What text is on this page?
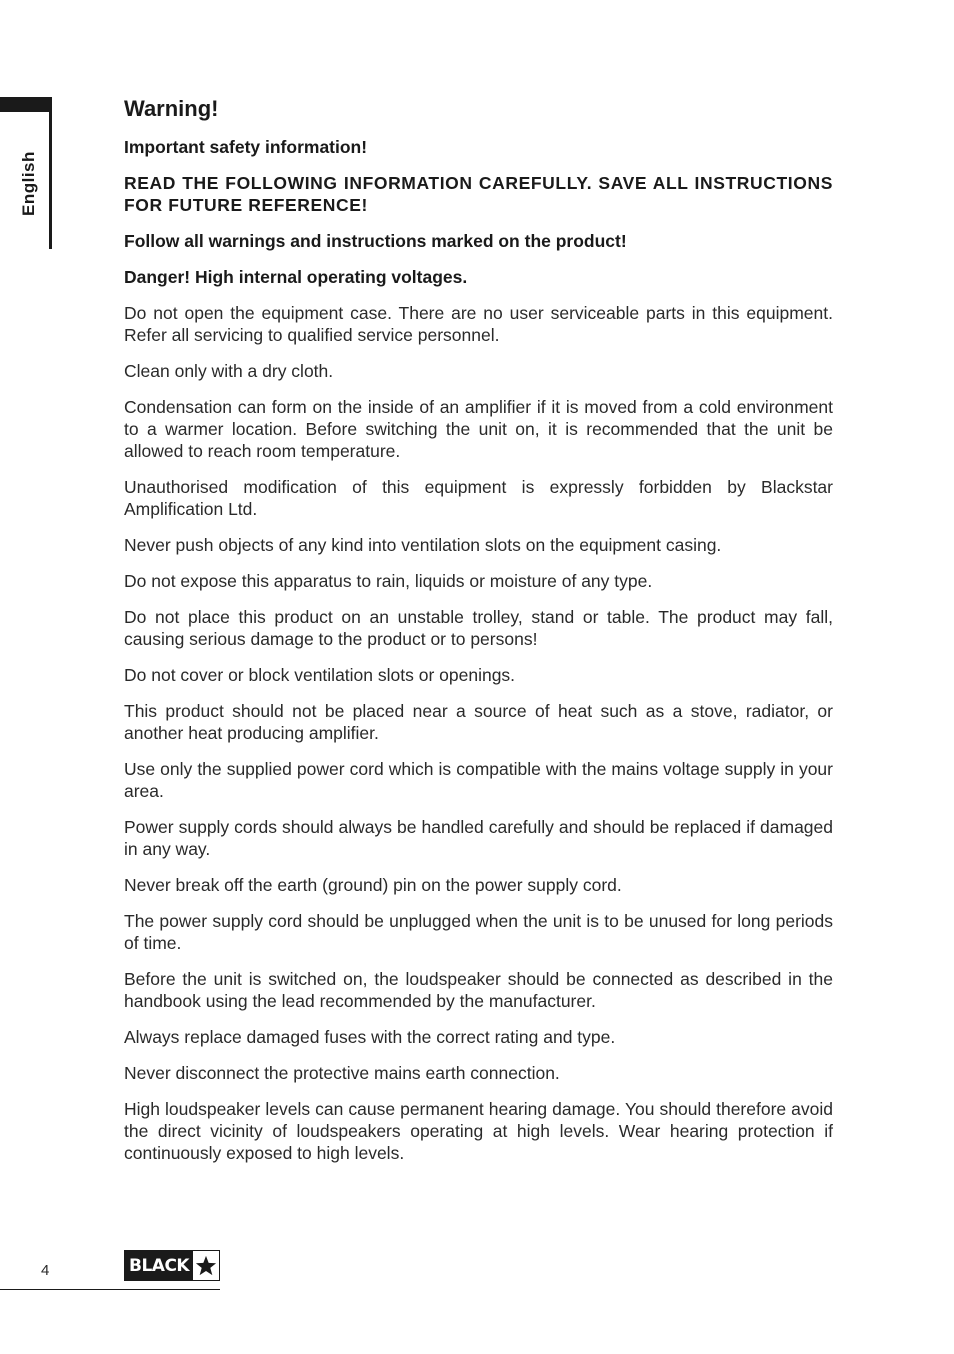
English
Warning!

Important safety information!

READ THE FOLLOWING INFORMATION CAREFULLY. SAVE ALL INSTRUCTIONS FOR FUTURE REFERENCE!

Follow all warnings and instructions marked on the product!

Danger! High internal operating voltages.

Do not open the equipment case. There are no user serviceable parts in this equipment. Refer all servicing to qualified service personnel.

Clean only with a dry cloth.

Condensation can form on the inside of an amplifier if it is moved from a cold environment to a warmer location. Before switching the unit on, it is recommended that the unit be allowed to reach room temperature.

Unauthorised modification of this equipment is expressly forbidden by Blackstar Amplification Ltd.

Never push objects of any kind into ventilation slots on the equipment casing.

Do not expose this apparatus to rain, liquids or moisture of any type.

Do not place this product on an unstable trolley, stand or table. The product may fall, causing serious damage to the product or to persons!

Do not cover or block ventilation slots or openings.

This product should not be placed near a source of heat such as a stove, radiator, or another heat producing amplifier.

Use only the supplied power cord which is compatible with the mains voltage supply in your area.

Power supply cords should always be handled carefully and should be replaced if damaged in any way.

Never break off the earth (ground) pin on the power supply cord.

The power supply cord should be unplugged when the unit is to be unused for long periods of time.

Before the unit is switched on, the loudspeaker should be connected as described in the handbook using the lead recommended by the manufacturer.

Always replace damaged fuses with the correct rating and type.

Never disconnect the protective mains earth connection.

High loudspeaker levels can cause permanent hearing damage. You should therefore avoid the direct vicinity of loudspeakers operating at high levels. Wear hearing protection if continuously exposed to high levels.

4	BLACK
